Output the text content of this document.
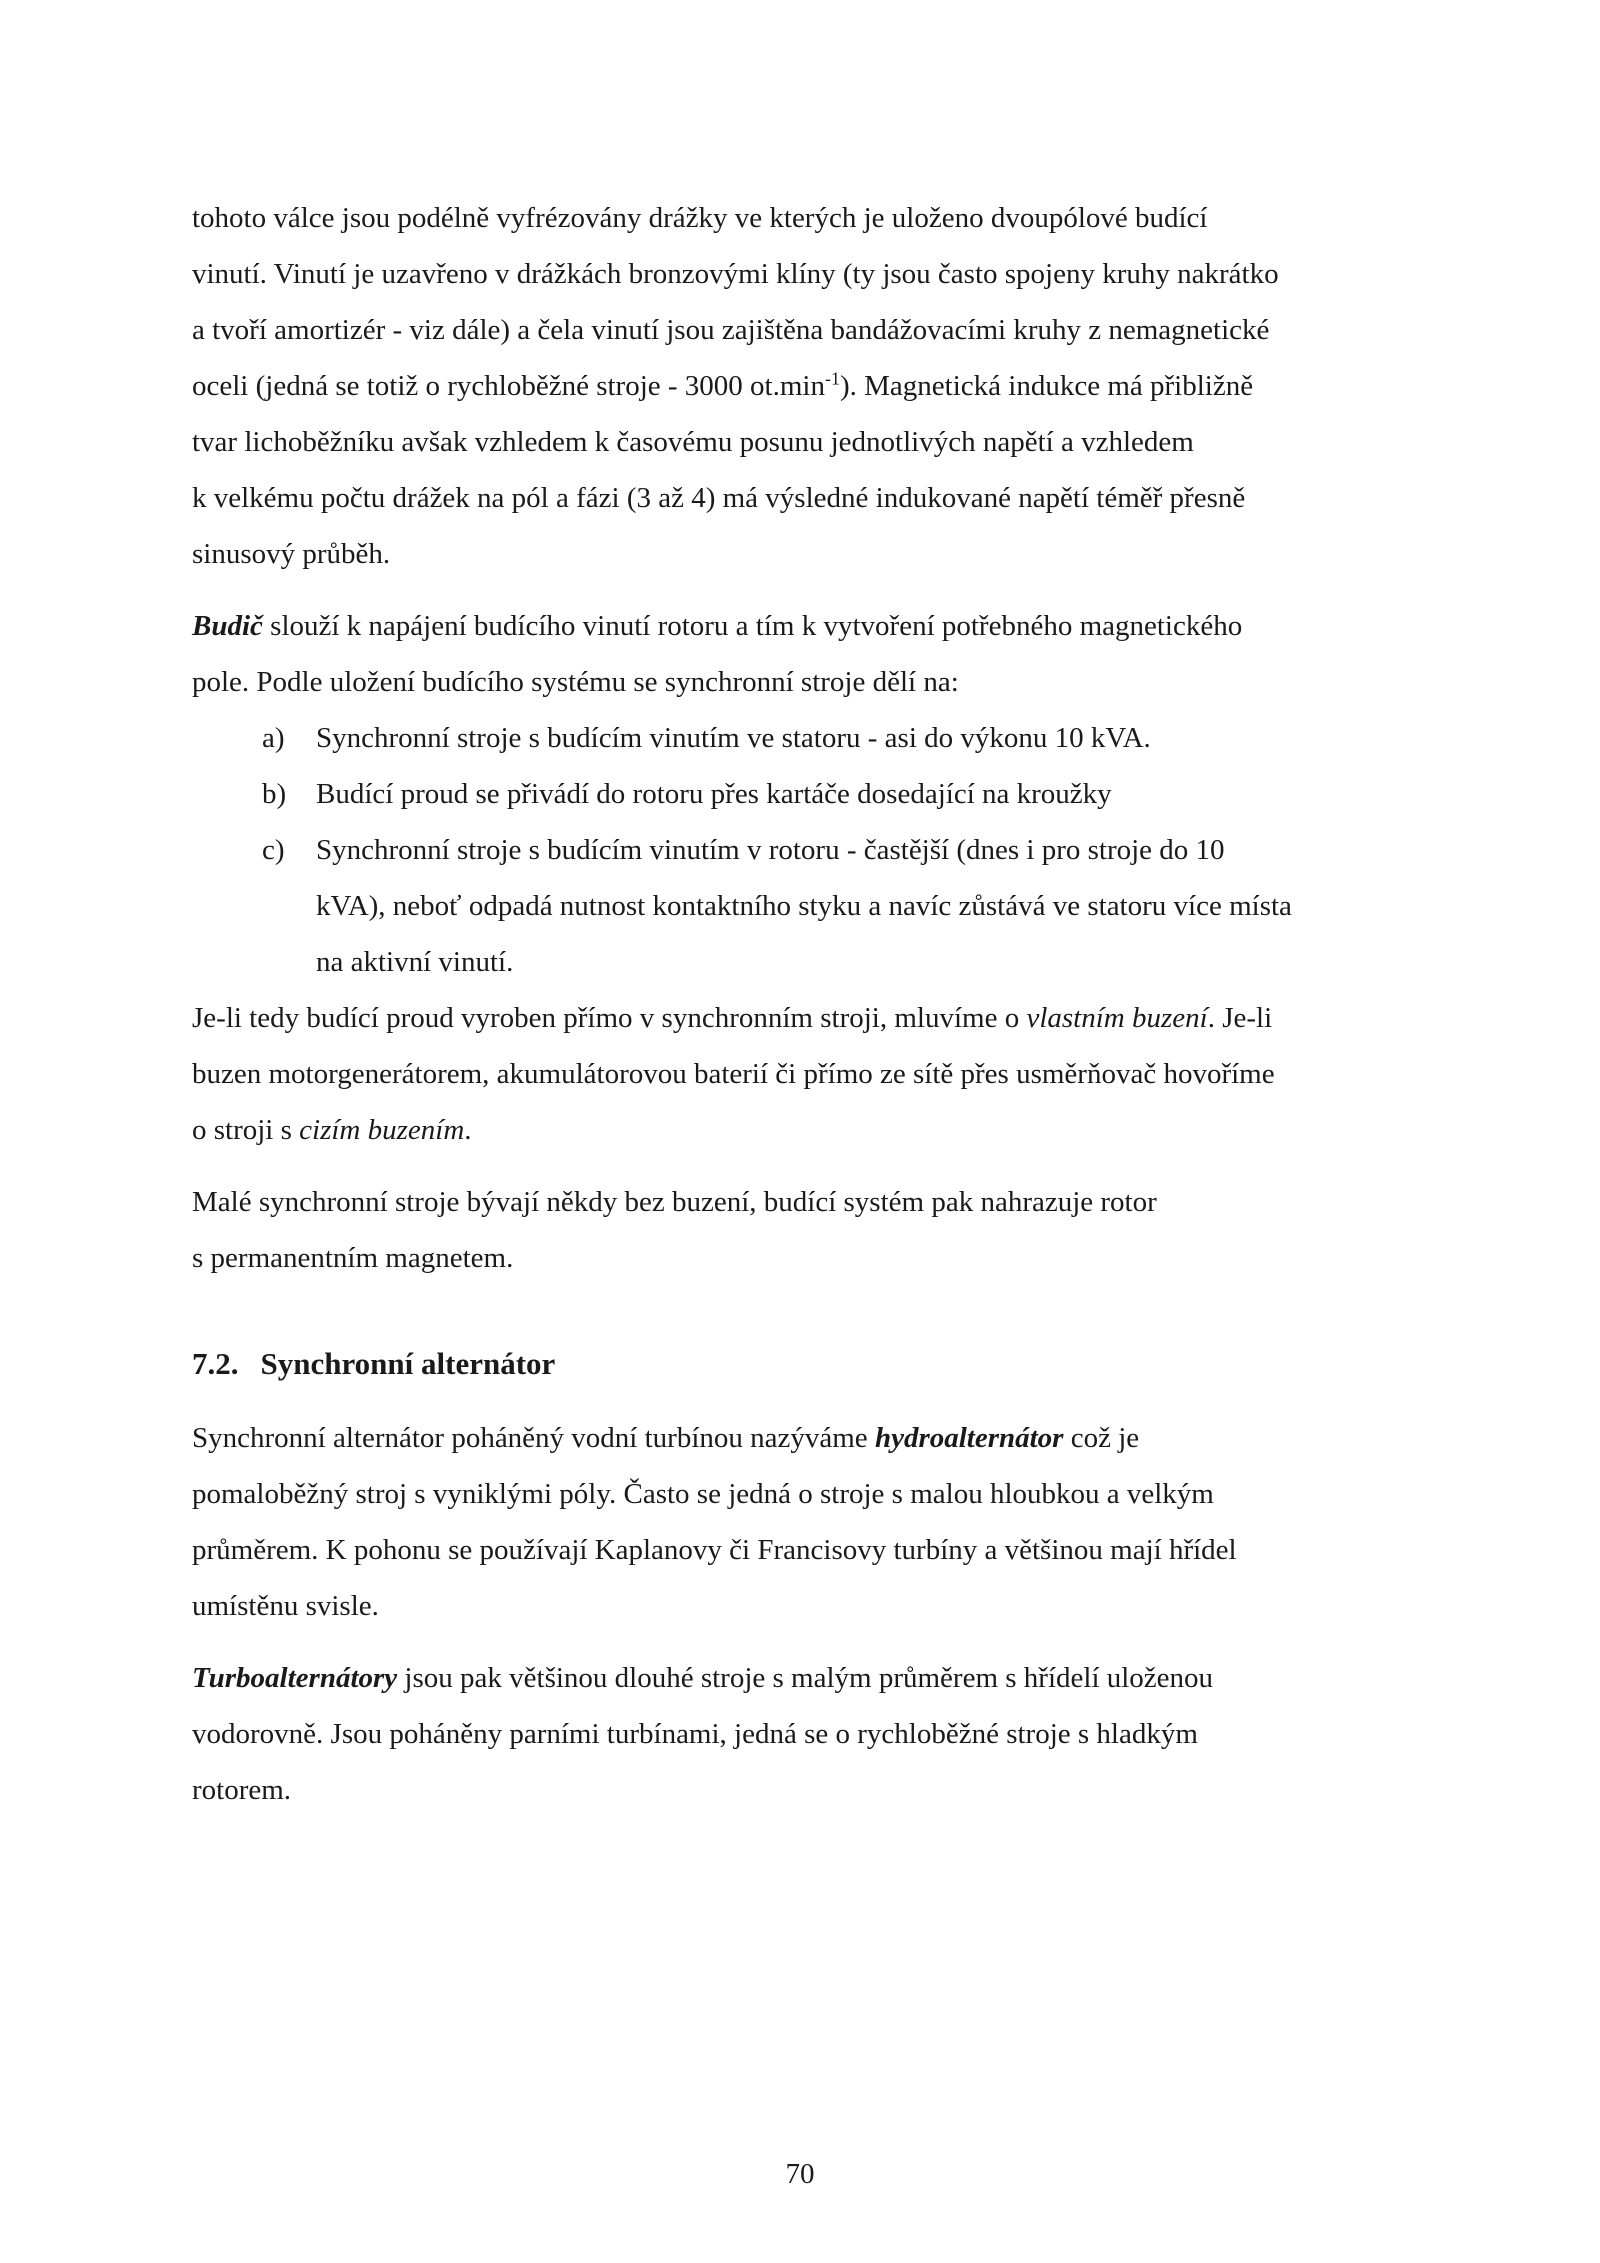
tohoto válce jsou podélně vyfrézovány drážky ve kterých je uloženo dvoupólové budící
vinutí. Vinutí je uzavřeno v drážkách bronzovými klíny (ty jsou často spojeny kruhy nakrátko
a tvoří amortizér - viz dále) a čela vinutí jsou zajištěna bandážovacími kruhy z nemagnetické
oceli (jedná se totiž o rychloběžné stroje - 3000 $ot.\min^{-1}$). Magnetická indukce má přibližně
tvar lichoběžníku avšak vzhledem k časovému posunu jednotlivých napětí a vzhledem
k velkému počtu drážek na pól a fázi (3 až 4) má výsledné indukované napětí téměř přesně
sinusový průběh.

Budič slouží k napájení budícího vinutí rotoru a tím k vytvoření potřebného magnetického
pole. Podle uložení budícího systému se synchronní stroje dělí na:

a) Synchronní stroje s budícím vinutím ve statoru - asi do výkonu 10 kVA.
b) Budící proud se přivádí do rotoru přes kartáče dosedající na kroužky
c) Synchronní stroje s budícím vinutím v rotoru - častější (dnes i pro stroje do 10
kVA), neboť odpadá nutnost kontaktního styku a navíc zůstává ve statoru více místa
na aktivní vinutí.

Je-li tedy budící proud vyroben přímo v synchronním stroji, mluvíme o vlastním buzení. Je-li
buzen motorgenerátorem, akumulátorovou baterií či přímo ze sítě přes usměrňovač hovoříme
o stroji s cizím buzením.

Malé synchronní stroje bývají někdy bez buzení, budící systém pak nahrazuje rotor
s permanentním magnetem.

7.2. Synchronní alternátor

Synchronní alternátor poháněný vodní turbínou nazýváme hydroalternátor což je
pomaloběžný stroj s vyniklými póly. Často se jedná o stroje s malou hloubkou a velkým
průměrem. K pohonu se používají Kaplanovy či Francisovy turbíny a většinou mají hřídel
umístěnu svisle.

Turboalternátory jsou pak většinou dlouhé stroje s malým průměrem s hřídelí uloženou
vodorovně. Jsou poháněny parními turbínami, jedná se o rychloběžné stroje s hladkým
rotorem.

70
